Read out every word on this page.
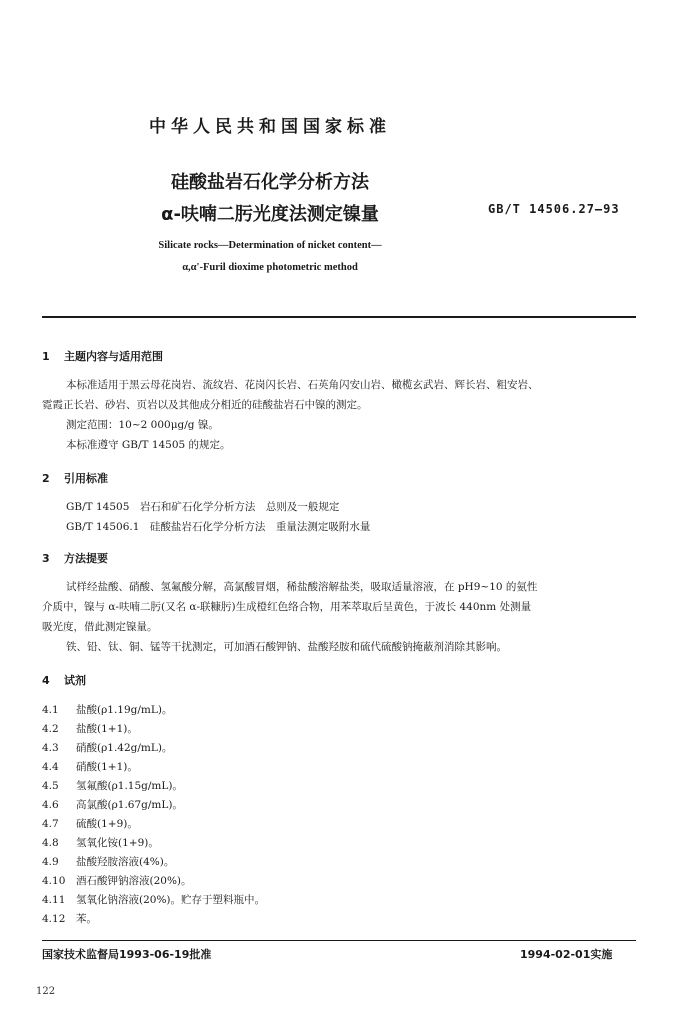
中华人民共和国国家标准
硅酸盐岩石化学分析方法
α-呋喃二肟光度法测定镍量	GB/T 14506.27—93
Silicate rocks—Determination of nicket content—
α,α'-Furil dioxime photometric method
1 主题内容与适用范围
本标准适用于黑云母花岗岩、流纹岩、花岗闪长岩、石英角闪安山岩、橄榄玄武岩、辉长岩、粗安岩、
霓霞正长岩、砂岩、页岩以及其他成分相近的硅酸盐岩石中镍的测定。
测定范围：10~2 000μg/g 镍。
本标准遵守 GB/T 14505 的规定。
2 引用标准
GB/T 14505　岩石和矿石化学分析方法　总则及一般规定
GB/T 14506.1　硅酸盐岩石化学分析方法　重量法测定吸附水量
3 方法提要
试样经盐酸、硝酸、氢氟酸分解，高氯酸冒烟，稀盐酸溶解盐类，吸取适量溶液，在 pH9~10 的氨性
介质中，镍与 α-呋喃二肟(又名 α-联糠肟)生成橙红色络合物，用苯萃取后呈黄色，于波长 440nm 处测量
吸光度，借此测定镍量。
铁、铅、钛、铜、锰等干扰测定，可加酒石酸钾钠、盐酸羟胺和硫代硫酸钠掩蔽剂消除其影响。
4 试剂
4.1 盐酸(ρ1.19g/mL)。
4.2 盐酸(1+1)。
4.3 硝酸(ρ1.42g/mL)。
4.4 硝酸(1+1)。
4.5 氢氟酸(ρ1.15g/mL)。
4.6 高氯酸(ρ1.67g/mL)。
4.7 硫酸(1+9)。
4.8 氢氧化铵(1+9)。
4.9 盐酸羟胺溶液(4%)。
4.10 酒石酸钾钠溶液(20%)。
4.11 氢氧化钠溶液(20%)。贮存于塑料瓶中。
4.12 苯。
国家技术监督局1993-06-19批准	1994-02-01实施
122
